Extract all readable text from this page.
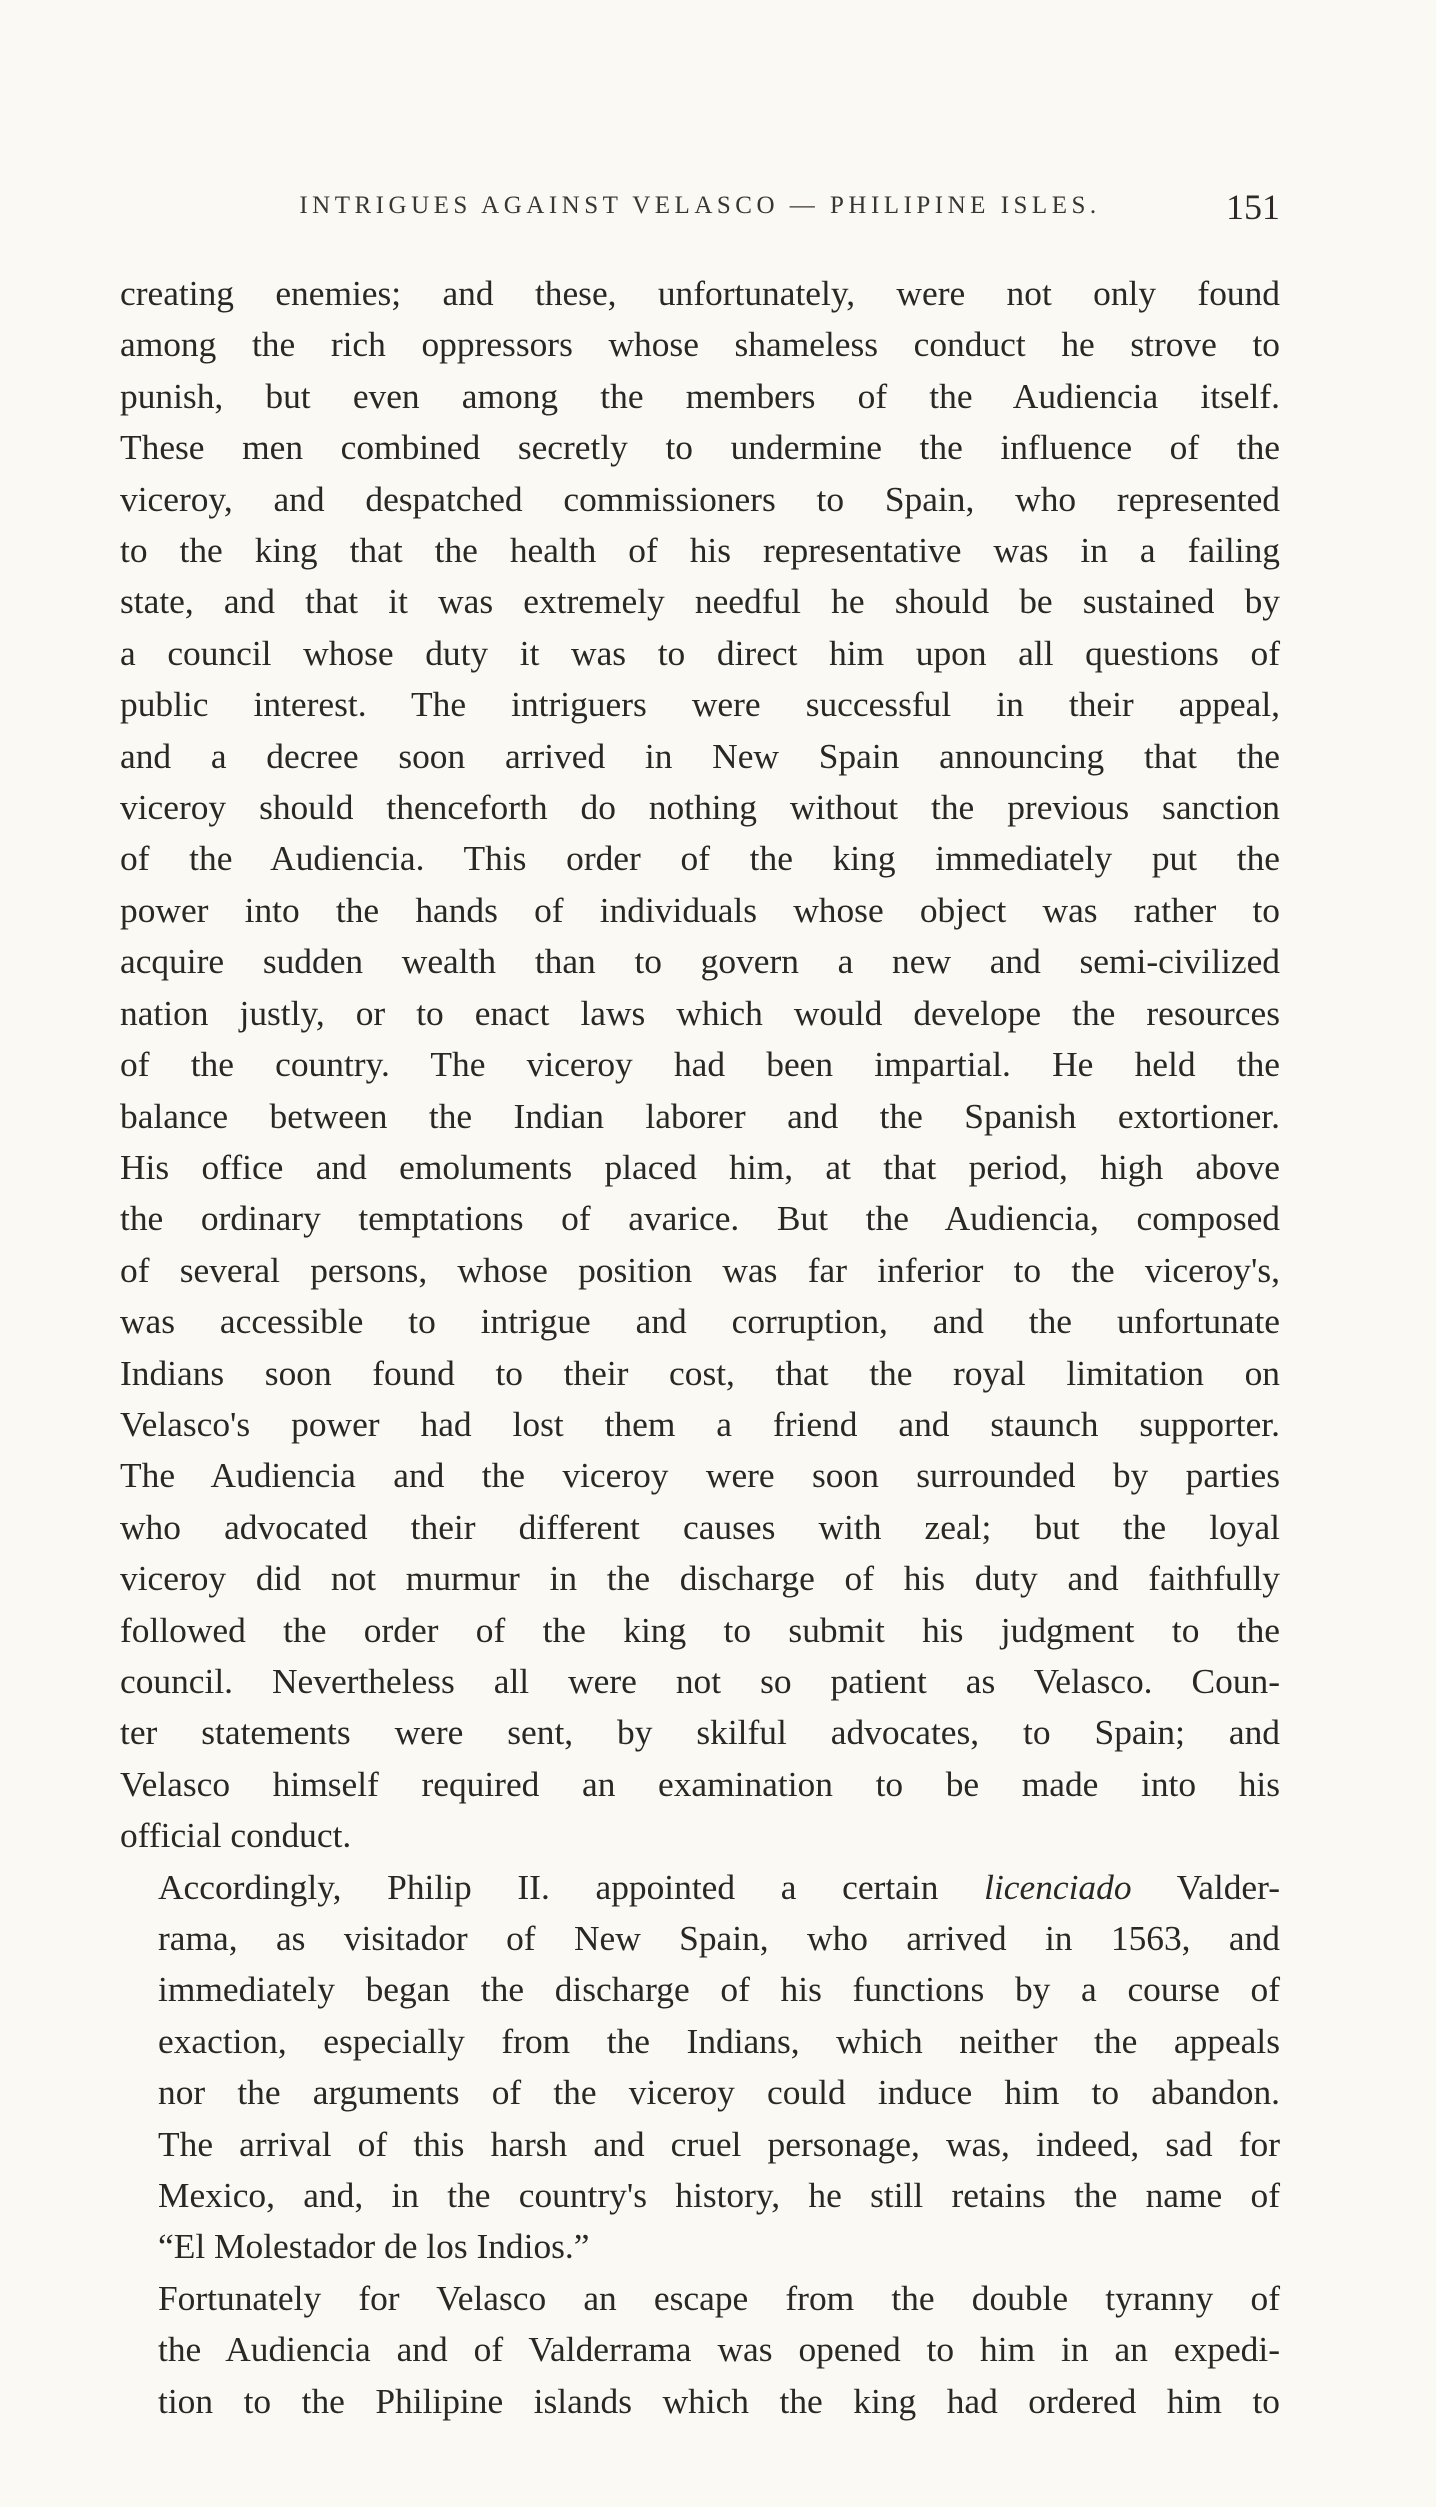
INTRIGUES AGAINST VELASCO — PHILIPINE ISLES.	151

creating enemies; and these, unfortunately, were not only found
among the rich oppressors whose shameless conduct he strove to
punish, but even among the members of the Audiencia itself.
These men combined secretly to undermine the influence of the
viceroy, and despatched commissioners to Spain, who represented
to the king that the health of his representative was in a failing
state, and that it was extremely needful he should be sustained by
a council whose duty it was to direct him upon all questions of
public interest. The intriguers were successful in their appeal,
and a decree soon arrived in New Spain announcing that the
viceroy should thenceforth do nothing without the previous sanction
of the Audiencia. This order of the king immediately put the
power into the hands of individuals whose object was rather to
acquire sudden wealth than to govern a new and semi-civilized
nation justly, or to enact laws which would develope the resources
of the country. The viceroy had been impartial. He held the
balance between the Indian laborer and the Spanish extortioner.
His office and emoluments placed him, at that period, high above
the ordinary temptations of avarice. But the Audiencia, composed
of several persons, whose position was far inferior to the viceroy's,
was accessible to intrigue and corruption, and the unfortunate
Indians soon found to their cost, that the royal limitation on
Velasco's power had lost them a friend and staunch supporter.
The Audiencia and the viceroy were soon surrounded by parties
who advocated their different causes with zeal; but the loyal
viceroy did not murmur in the discharge of his duty and faithfully
followed the order of the king to submit his judgment to the
council. Nevertheless all were not so patient as Velasco. Coun-
ter statements were sent, by skilful advocates, to Spain; and
Velasco himself required an examination to be made into his
official conduct.

Accordingly, Philip II. appointed a certain licenciado Valder-
rama, as visitador of New Spain, who arrived in 1563, and
immediately began the discharge of his functions by a course of
exaction, especially from the Indians, which neither the appeals
nor the arguments of the viceroy could induce him to abandon.
The arrival of this harsh and cruel personage, was, indeed, sad for
Mexico, and, in the country's history, he still retains the name of
“El Molestador de los Indios.”

Fortunately for Velasco an escape from the double tyranny of
the Audiencia and of Valderrama was opened to him in an expedi-
tion to the Philipine islands which the king had ordered him to
